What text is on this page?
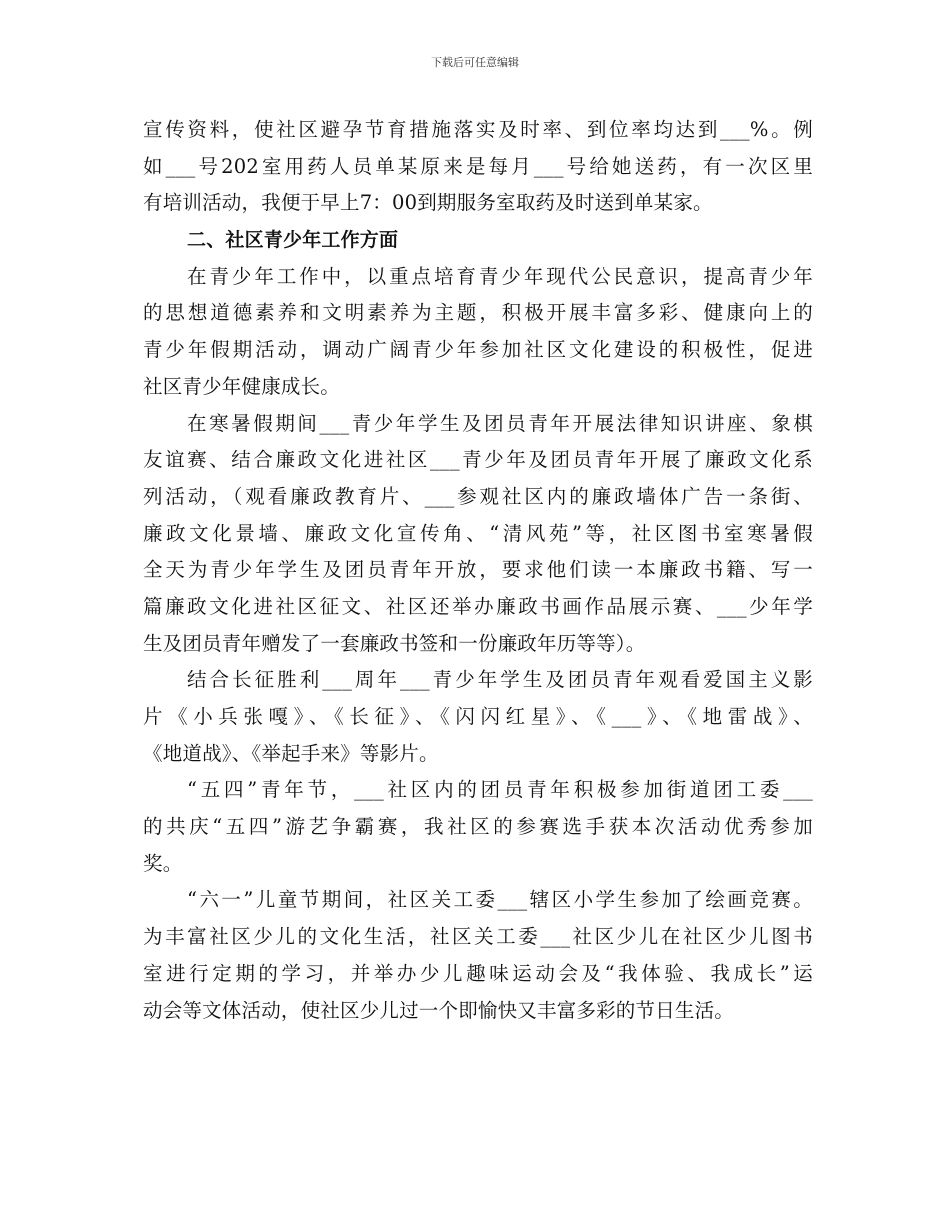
下载后可任意编辑
宣传资料，使社区避孕节育措施落实及时率、到位率均达到___%。例
如___号202室用药人员单某原来是每月___号给她送药，有一次区里
有培训活动，我便于早上7：00到期服务室取药及时送到单某家。
二、社区青少年工作方面
在青少年工作中，以重点培育青少年现代公民意识，提高青少年
的思想道德素养和文明素养为主题，积极开展丰富多彩、健康向上的
青少年假期活动，调动广阔青少年参加社区文化建设的积极性，促进
社区青少年健康成长。
在寒暑假期间___青少年学生及团员青年开展法律知识讲座、象棋
友谊赛、结合廉政文化进社区___青少年及团员青年开展了廉政文化系
列活动，（观看廉政教育片、___参观社区内的廉政墙体广告一条街、
廉政文化景墙、廉政文化宣传角、“清风苑”等，社区图书室寒暑假
全天为青少年学生及团员青年开放，要求他们读一本廉政书籍、写一
篇廉政文化进社区征文、社区还举办廉政书画作品展示赛、___少年学
生及团员青年赠发了一套廉政书签和一份廉政年历等等）。
结合长征胜利___周年___青少年学生及团员青年观看爱国主义影
片《小兵张嘎》、《长征》、《闪闪红星》、《___》、《地雷战》、
《地道战》、《举起手来》等影片。
“五四”青年节，___社区内的团员青年积极参加街道团工委___
的共庆“五四”游艺争霸赛，我社区的参赛选手获本次活动优秀参加
奖。
“六一”儿童节期间，社区关工委___辖区小学生参加了绘画竞赛。
为丰富社区少儿的文化生活，社区关工委___社区少儿在社区少儿图书
室进行定期的学习，并举办少儿趣味运动会及“我体验、我成长”运
动会等文体活动，使社区少儿过一个即愉快又丰富多彩的节日生活。
